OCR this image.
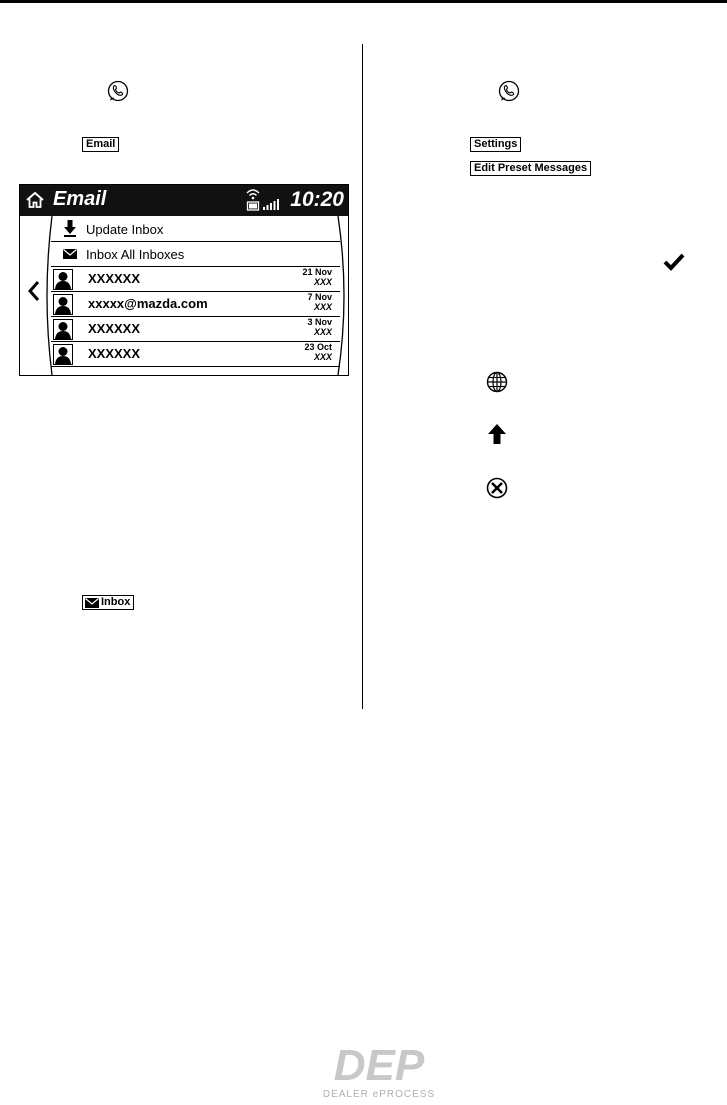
Email
Email	10:20
Update Inbox
Inbox All Inboxes
XXXXXX	21 Nov
XXX
xxxxx@mazda.com	7 Nov
XXX
XXXXXX	3 Nov
XXX
XXXXXX	23 Oct
XXX
Inbox
Settings
Edit Preset Messages
DEP
DEALER ePROCESS
